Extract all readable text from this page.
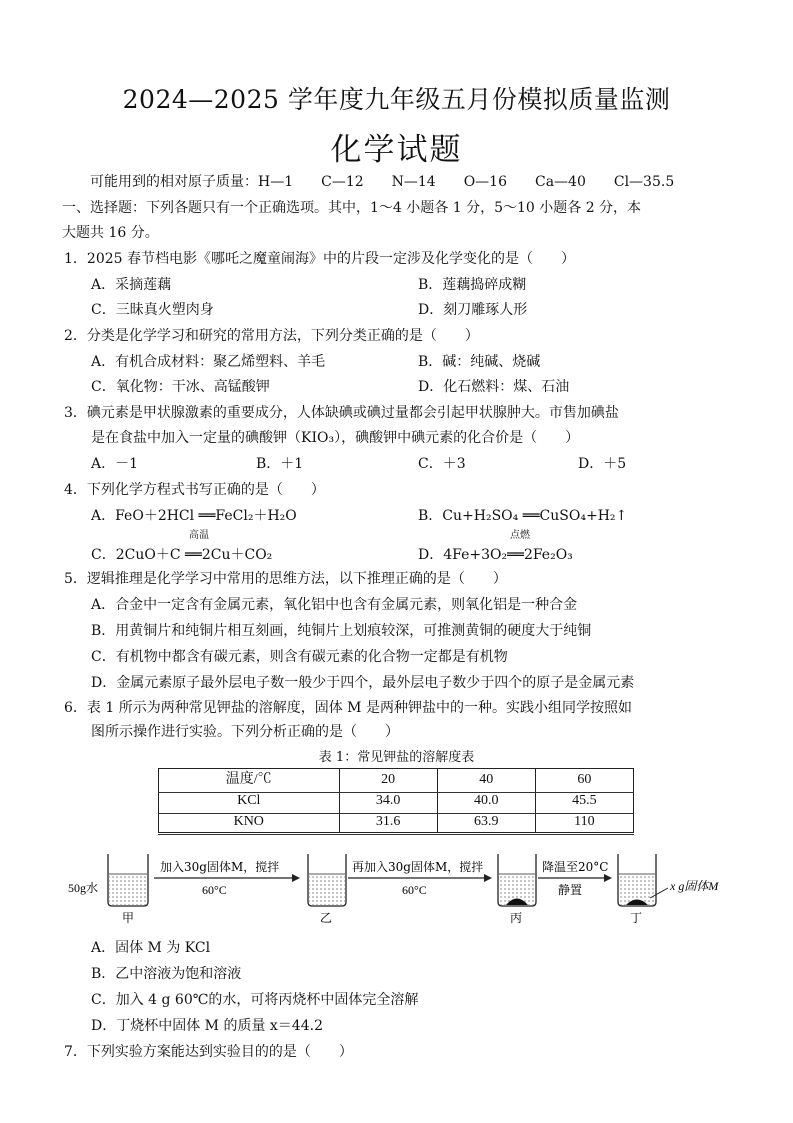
2024—2025 学年度九年级五月份模拟质量监测
化学试题
可能用到的相对原子质量：H—1　　C—12　　N—14　　O—16　　Ca—40　　Cl—35.5
一、选择题：下列各题只有一个正确选项。其中，1～4 小题各 1 分，5～10 小题各 2 分，本
大题共 16 分。
1．2025 春节档电影《哪吒之魔童闹海》中的片段一定涉及化学变化的是（　　）
A．采摘莲藕	B．莲藕捣碎成糊
C．三昧真火塑肉身	D．刻刀雕琢人形
2．分类是化学学习和研究的常用方法，下列分类正确的是（　　）
A．有机合成材料：聚乙烯塑料、羊毛	B．碱：纯碱、烧碱
C．氧化物：干冰、高锰酸钾	D．化石燃料：煤、石油
3．碘元素是甲状腺激素的重要成分，人体缺碘或碘过量都会引起甲状腺肿大。市售加碘盐
是在食盐中加入一定量的碘酸钾（KIO₃），碘酸钾中碘元素的化合价是（　　）
A．－1	B．＋1	C．＋3	D．＋5
4．下列化学方程式书写正确的是（　　）
A．FeO＋2HCl ══FeCl₂＋H₂O	B．Cu+H₂SO₄ ══CuSO₄+H₂↑
高温
C．2CuO＋C ══2Cu＋CO₂
点燃
D．4Fe+3O₂══2Fe₂O₃
5．逻辑推理是化学学习中常用的思维方法，以下推理正确的是（　　）
A．合金中一定含有金属元素，氧化铝中也含有金属元素，则氧化铝是一种合金
B．用黄铜片和纯铜片相互刻画，纯铜片上划痕较深，可推测黄铜的硬度大于纯铜
C．有机物中都含有碳元素，则含有碳元素的化合物一定都是有机物
D．金属元素原子最外层电子数一般少于四个，最外层电子数少于四个的原子是金属元素
6．表 1 所示为两种常见钾盐的溶解度，固体 M 是两种钾盐中的一种。实践小组同学按照如
图所示操作进行实验。下列分析正确的是（　　）
表 1：常见钾盐的溶解度表
温度/℃	20	40	60
KCl	34.0	40.0	45.5
KNO	31.6	63.9	110
50g水
甲
加入30g固体M，搅拌
60°C
乙
再加入30g固体M，搅拌
60°C
丙
降温至20°C
静置
丁
x g固体M
A．固体 M 为 KCl
B．乙中溶液为饱和溶液
C．加入 4 g 60℃的水，可将丙烧杯中固体完全溶解
D．丁烧杯中固体 M 的质量 x＝44.2
7．下列实验方案能达到实验目的的是（　　）
